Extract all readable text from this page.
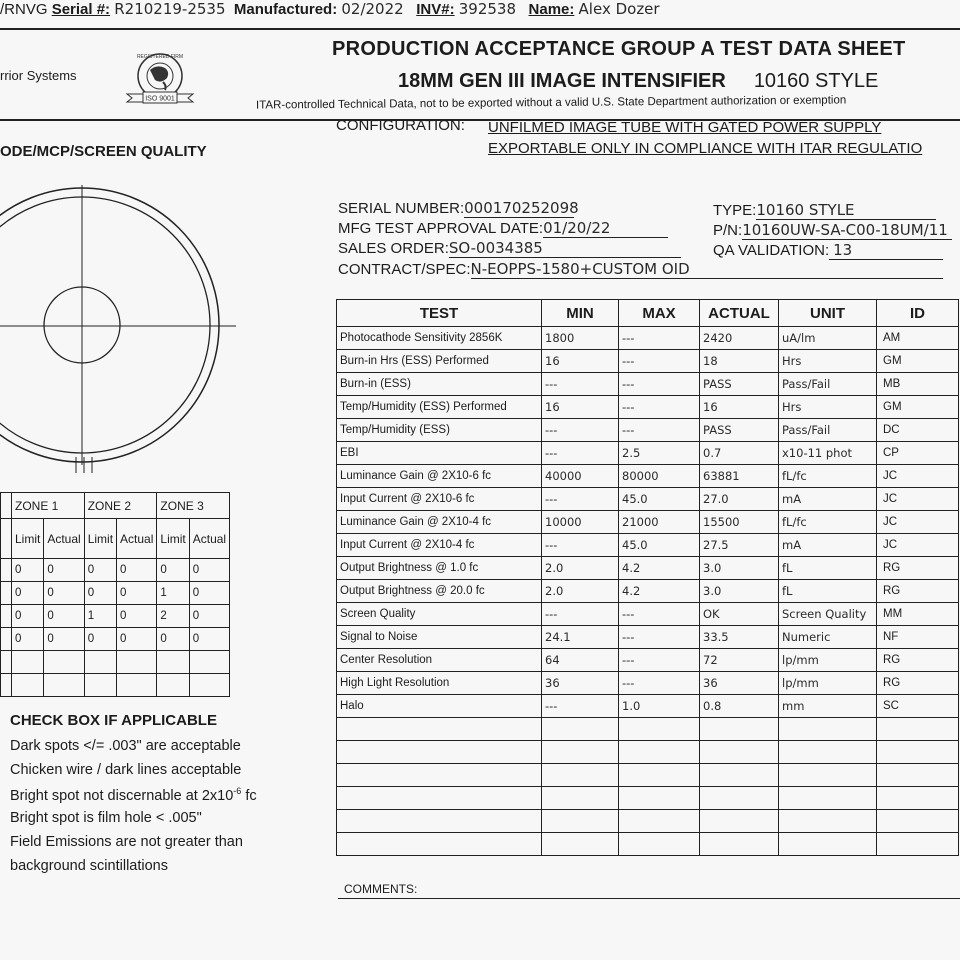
/RNVG Serial #: R210219-2535 Manufactured: 02/2022 INV#: 392538 Name: Alex Dozer
rrior Systems
ISO 9001
REGISTERED FIRM	PRODUCTION ACCEPTANCE GROUP A TEST DATA SHEET
18MM GEN III IMAGE INTENSIFIER 10160 STYLE
ITAR-controlled Technical Data, not to be exported without a valid U.S. State Department authorization or exemption
CONFIGURATION: UNFILMED IMAGE TUBE WITH GATED POWER SUPPLY
EXPORTABLE ONLY IN COMPLIANCE WITH ITAR REGULATIO
ODE/MCP/SCREEN QUALITY
SERIAL NUMBER:000170252098
MFG TEST APPROVAL DATE:01/20/22
SALES ORDER:SO-0034385
CONTRACT/SPEC:N-EOPPS-1580+CUSTOM OID
TYPE:10160 STYLE
P/N:10160UW-SA-C00-18UM/11
QA VALIDATION: 13
	ZONE 1		ZONE 2		ZONE 3	
	Limit	Actual	Limit	Actual	Limit	Actual
	0	0	0	0	0	0
	0	0	0	0	1	0
	0	0	1	0	2	0
	0	0	0	0	0	0

TEST	MIN	MAX	ACTUAL	UNIT	ID
Photocathode Sensitivity 2856K	1800	---	2420	uA/lm	AM
Burn-in Hrs (ESS) Performed	16	---	18	Hrs	GM
Burn-in (ESS)	---	---	PASS	Pass/Fail	MB
Temp/Humidity (ESS) Performed	16	---	16	Hrs	GM
Temp/Humidity (ESS)	---	---	PASS	Pass/Fail	DC
EBI	---	2.5	0.7	x10-11 phot	CP
Luminance Gain @ 2X10-6 fc	40000	80000	63881	fL/fc	JC
Input Current @ 2X10-6 fc	---	45.0	27.0	mA	JC
Luminance Gain @ 2X10-4 fc	10000	21000	15500	fL/fc	JC
Input Current @ 2X10-4 fc	---	45.0	27.5	mA	JC
Output Brightness @ 1.0 fc	2.0	4.2	3.0	fL	RG
Output Brightness @ 20.0 fc	2.0	4.2	3.0	fL	RG
Screen Quality	---	---	OK	Screen Quality	MM
Signal to Noise	24.1	---	33.5	Numeric	NF
Center Resolution	64	---	72	lp/mm	RG
High Light Resolution	36	---	36	lp/mm	RG
Halo	---	1.0	0.8	mm	SC

CHECK BOX IF APPLICABLE
Dark spots </= .003" are acceptable
Chicken wire / dark lines acceptable
Bright spot not discernable at $2x10^{-6}$ fc
Bright spot is film hole < .005"
Field Emissions are not greater than
background scintillations
COMMENTS:
